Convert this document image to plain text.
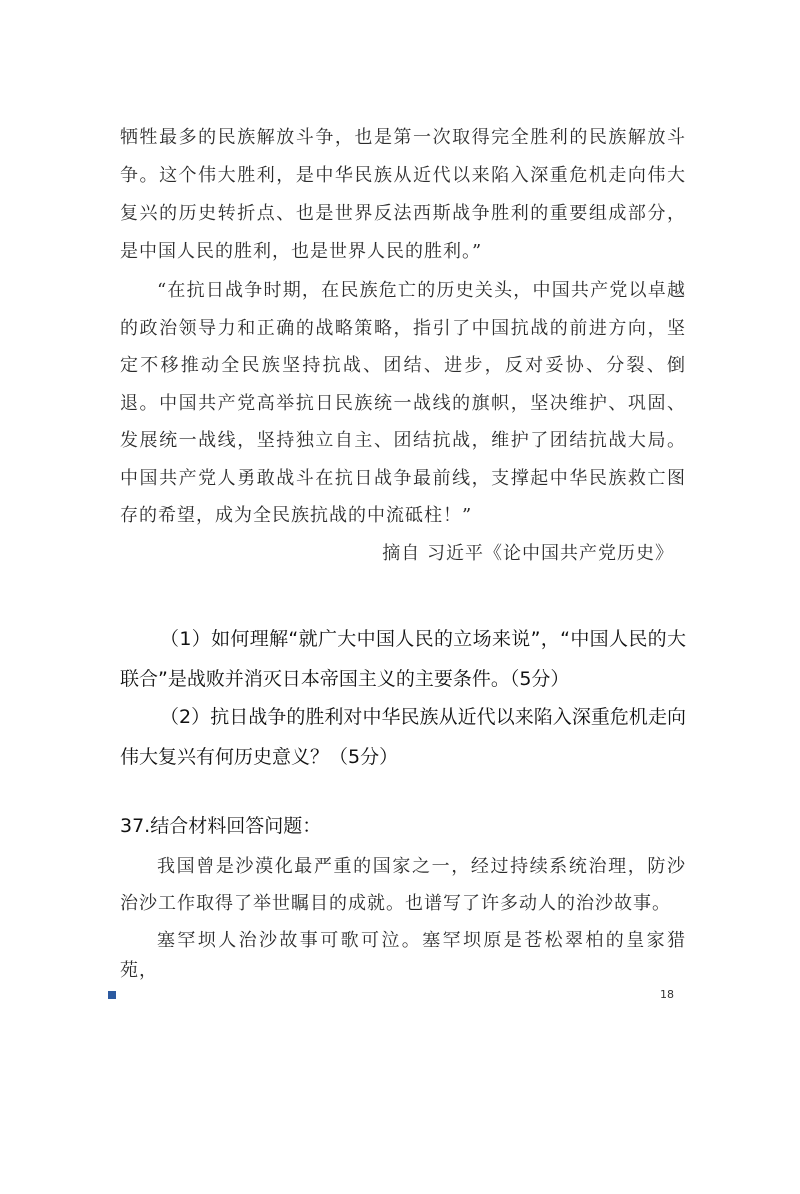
牺牲最多的民族解放斗争，也是第一次取得完全胜利的民族解放斗争。这个伟大胜利，是中华民族从近代以来陷入深重危机走向伟大复兴的历史转折点、也是世界反法西斯战争胜利的重要组成部分，是中国人民的胜利，也是世界人民的胜利。”

“在抗日战争时期，在民族危亡的历史关头，中国共产党以卓越的政治领导力和正确的战略策略，指引了中国抗战的前进方向，坚定不移推动全民族坚持抗战、团结、进步，反对妥协、分裂、倒退。中国共产党高举抗日民族统一战线的旗帜，坚决维护、巩固、发展统一战线，坚持独立自主、团结抗战，维护了团结抗战大局。中国共产党人勇敢战斗在抗日战争最前线，支撑起中华民族救亡图存的希望，成为全民族抗战的中流砥柱！”

摘自 习近平《论中国共产党历史》

（1）如何理解“就广大中国人民的立场来说”，“中国人民的大联合”是战败并消灭日本帝国主义的主要条件。（5分）

（2）抗日战争的胜利对中华民族从近代以来陷入深重危机走向伟大复兴有何历史意义？（5分）

37.结合材料回答问题：

我国曾是沙漠化最严重的国家之一，经过持续系统治理，防沙治沙工作取得了举世瞩目的成就。也谱写了许多动人的治沙故事。

塞罕坝人治沙故事可歌可泣。塞罕坝原是苍松翠柏的皇家猎苑，

18
